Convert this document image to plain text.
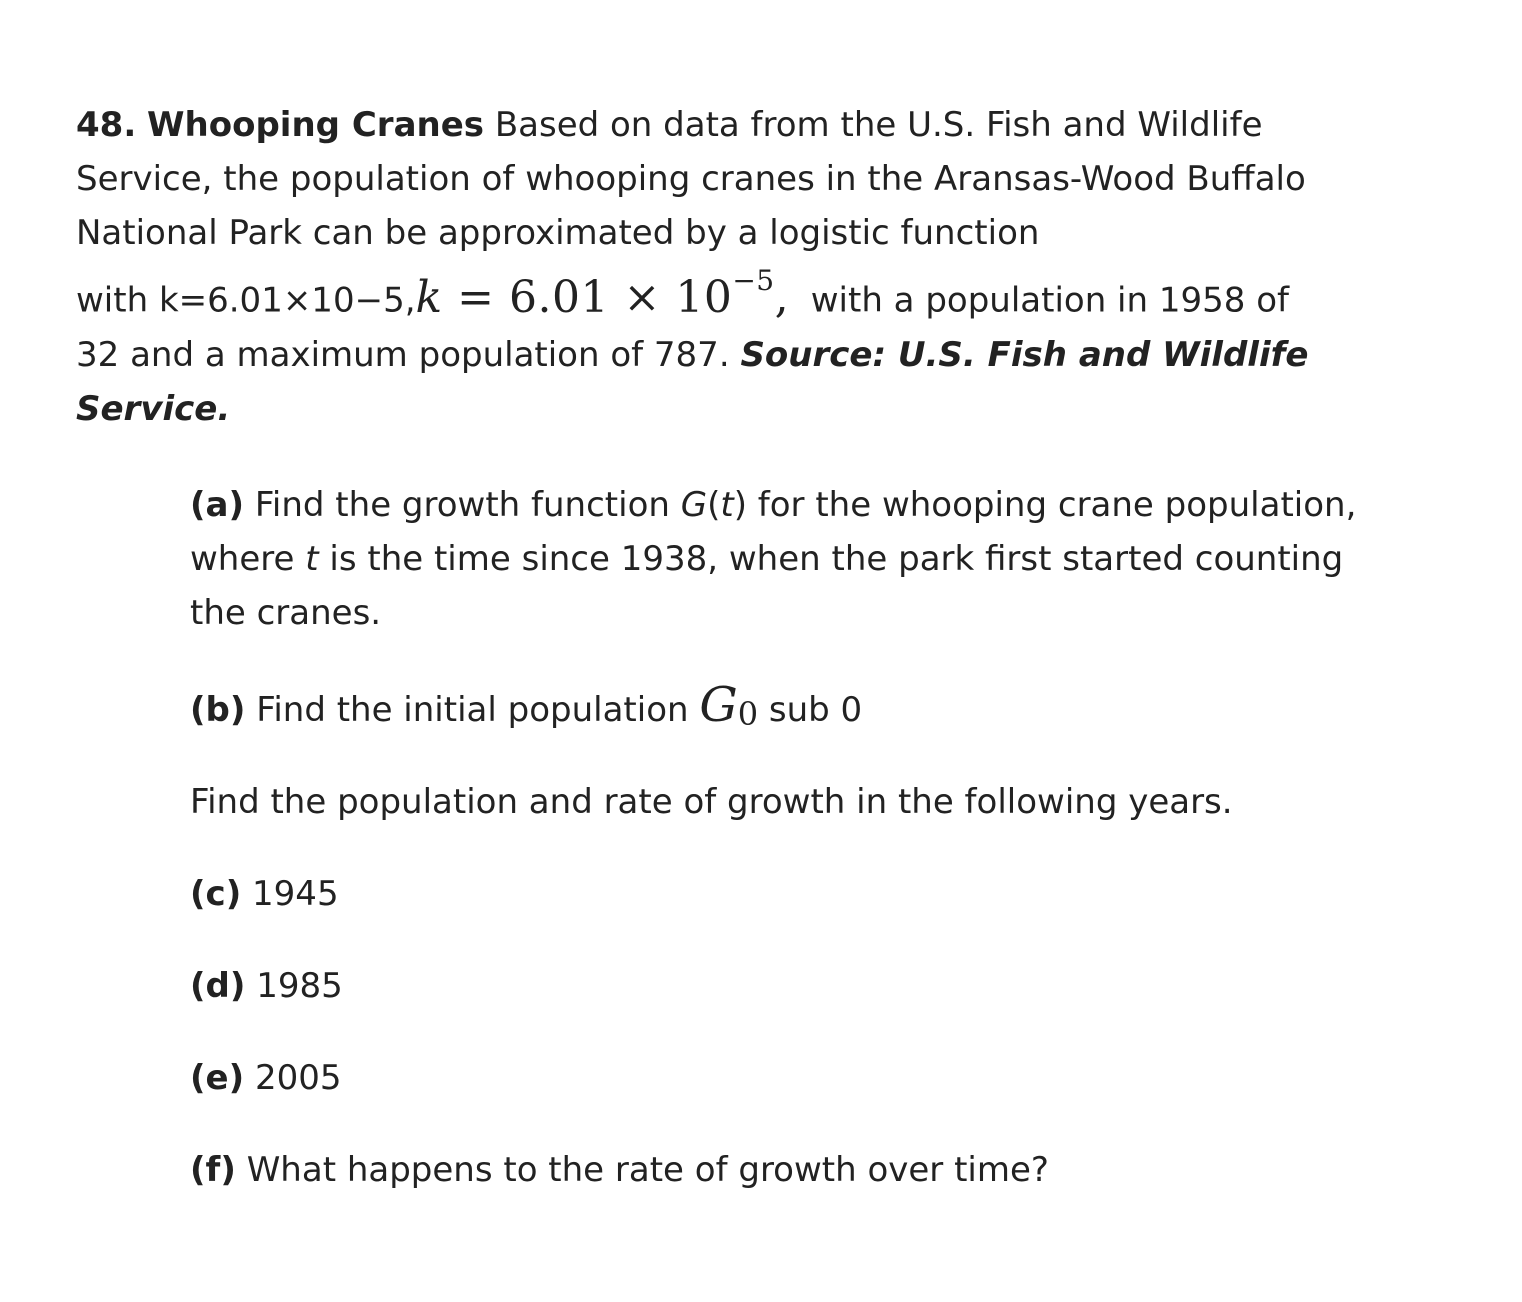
48. Whooping Cranes Based on data from the U.S. Fish and Wildlife
Service, the population of whooping cranes in the Aransas-Wood Buffalo
National Park can be approximated by a logistic function
with $k=6.01\times 10-5,k = 6.01 \times 10^{-5}$, with a population in 1958 of
32 and a maximum population of 787. Source: U.S. Fish and Wildlife
Service.

(a) Find the growth function G(t) for the whooping crane population,
where t is the time since 1938, when the park first started counting
the cranes.

(b) Find the initial population $G_0$ sub 0

Find the population and rate of growth in the following years.

(c) 1945

(d) 1985

(e) 2005

(f) What happens to the rate of growth over time?
